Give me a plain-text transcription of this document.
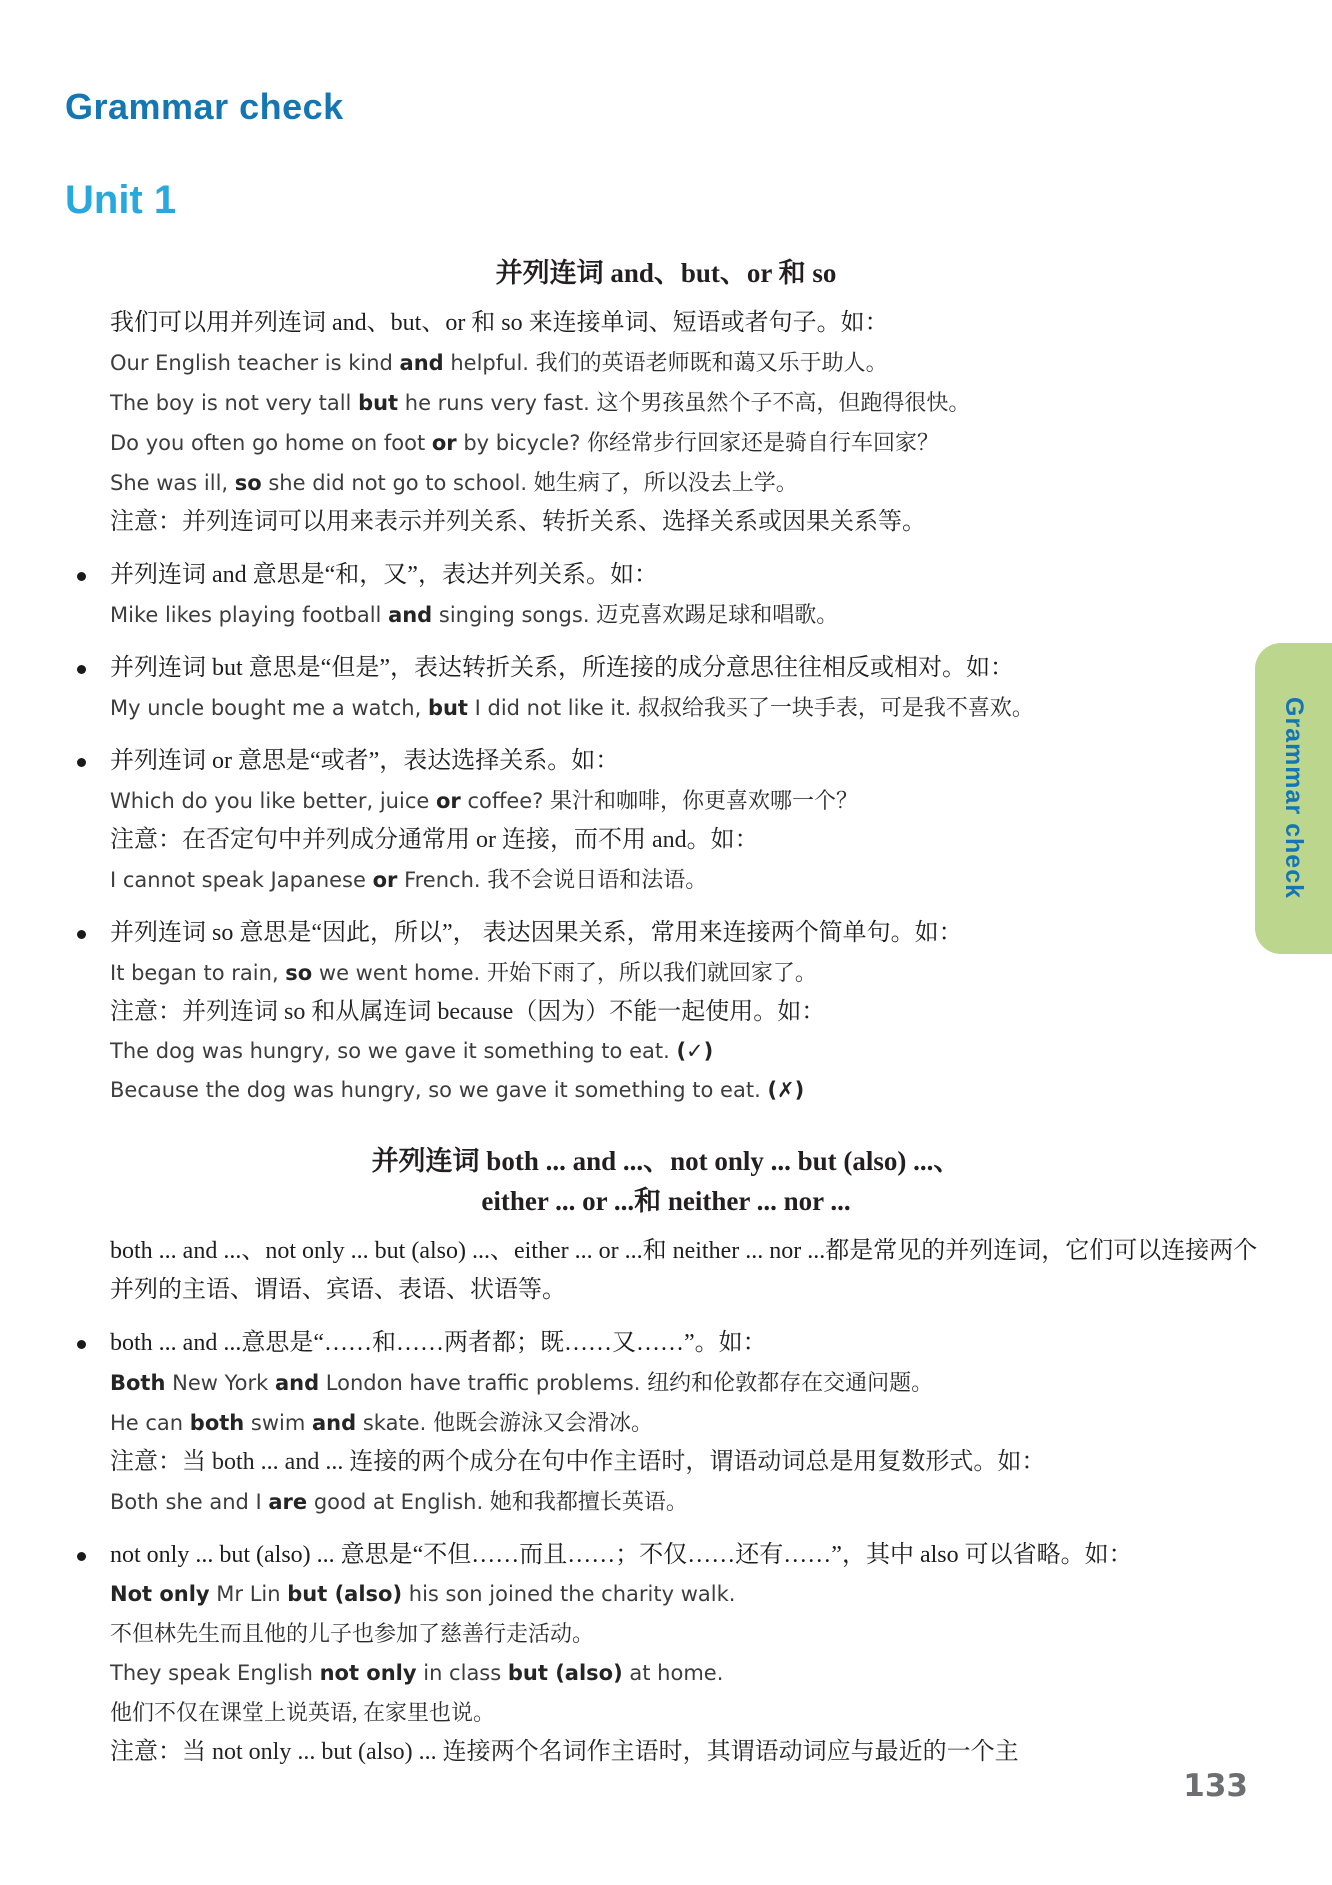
Grammar check
Unit 1
并列连词 and、but、or 和 so
我们可以用并列连词 and、but、or 和 so 来连接单词、短语或者句子。如：
Our English teacher is kind and helpful. 我们的英语老师既和蔼又乐于助人。
The boy is not very tall but he runs very fast. 这个男孩虽然个子不高，但跑得很快。
Do you often go home on foot or by bicycle? 你经常步行回家还是骑自行车回家？
She was ill, so she did not go to school. 她生病了，所以没去上学。
注意：并列连词可以用来表示并列关系、转折关系、选择关系或因果关系等。
并列连词 and 意思是“和，又”，表达并列关系。如：
Mike likes playing football and singing songs. 迈克喜欢踢足球和唱歌。
并列连词 but 意思是“但是”，表达转折关系，所连接的成分意思往往相反或相对。如：
My uncle bought me a watch, but I did not like it. 叔叔给我买了一块手表，可是我不喜欢。
并列连词 or 意思是“或者”，表达选择关系。如：
Which do you like better, juice or coffee? 果汁和咖啡，你更喜欢哪一个？
注意：在否定句中并列成分通常用 or 连接，而不用 and。如：
I cannot speak Japanese or French. 我不会说日语和法语。
并列连词 so 意思是“因此，所以”， 表达因果关系，常用来连接两个简单句。如：
It began to rain, so we went home. 开始下雨了，所以我们就回家了。
注意：并列连词 so 和从属连词 because（因为）不能一起使用。如：
The dog was hungry, so we gave it something to eat. (✓)
Because the dog was hungry, so we gave it something to eat. (✗)
并列连词 both ... and ...、not only ... but (also) ...、
either ... or ...和 neither ... nor ...
both ... and ...、not only ... but (also) ...、either ... or ...和 neither ... nor ...都是常见的并列连词，它们可以连接两个并列的主语、谓语、宾语、表语、状语等。
both ... and ...意思是“……和……两者都；既……又……”。如：
Both New York and London have traffic problems. 纽约和伦敦都存在交通问题。
He can both swim and skate. 他既会游泳又会滑冰。
注意：当 both ... and ... 连接的两个成分在句中作主语时，谓语动词总是用复数形式。如：
Both she and I are good at English. 她和我都擅长英语。
not only ... but (also) ... 意思是“不但……而且……；不仅……还有……”，其中 also 可以省略。如：
Not only Mr Lin but (also) his son joined the charity walk.
不但林先生而且他的儿子也参加了慈善行走活动。
They speak English not only in class but (also) at home.
他们不仅在课堂上说英语, 在家里也说。
注意：当 not only ... but (also) ... 连接两个名词作主语时，其谓语动词应与最近的一个主
Grammar check
133
